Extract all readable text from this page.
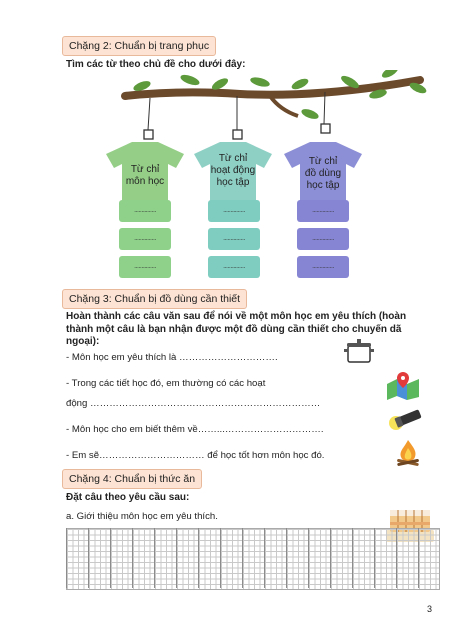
Chặng 2: Chuẩn bị trang phục
Tìm các từ theo chủ đề cho dưới đây:
Từ chỉ
môn học
Từ chỉ
hoạt động
học tập
Từ chỉ
đồ dùng
học tập
...............
...............
...............
...............
...............
...............
...............
...............
...............
Chặng 3: Chuẩn bị đồ dùng cần thiết
Hoàn thành các câu văn sau để nói về một môn học em yêu thích (hoàn thành một câu là bạn nhận được một đồ dùng cần thiết cho chuyến dã ngoại):
- Môn học em yêu thích là ………………………….
- Trong các tiết học đó, em thường có các hoạt
động ………………………………………………………………
- Môn học cho em biết thêm về……...………………………….
- Em sẽ…………………………… để học tốt hơn môn học đó.
Chặng 4: Chuẩn bị thức ăn
Đặt câu theo yêu cầu sau:
a. Giới thiệu môn học em yêu thích.
3
